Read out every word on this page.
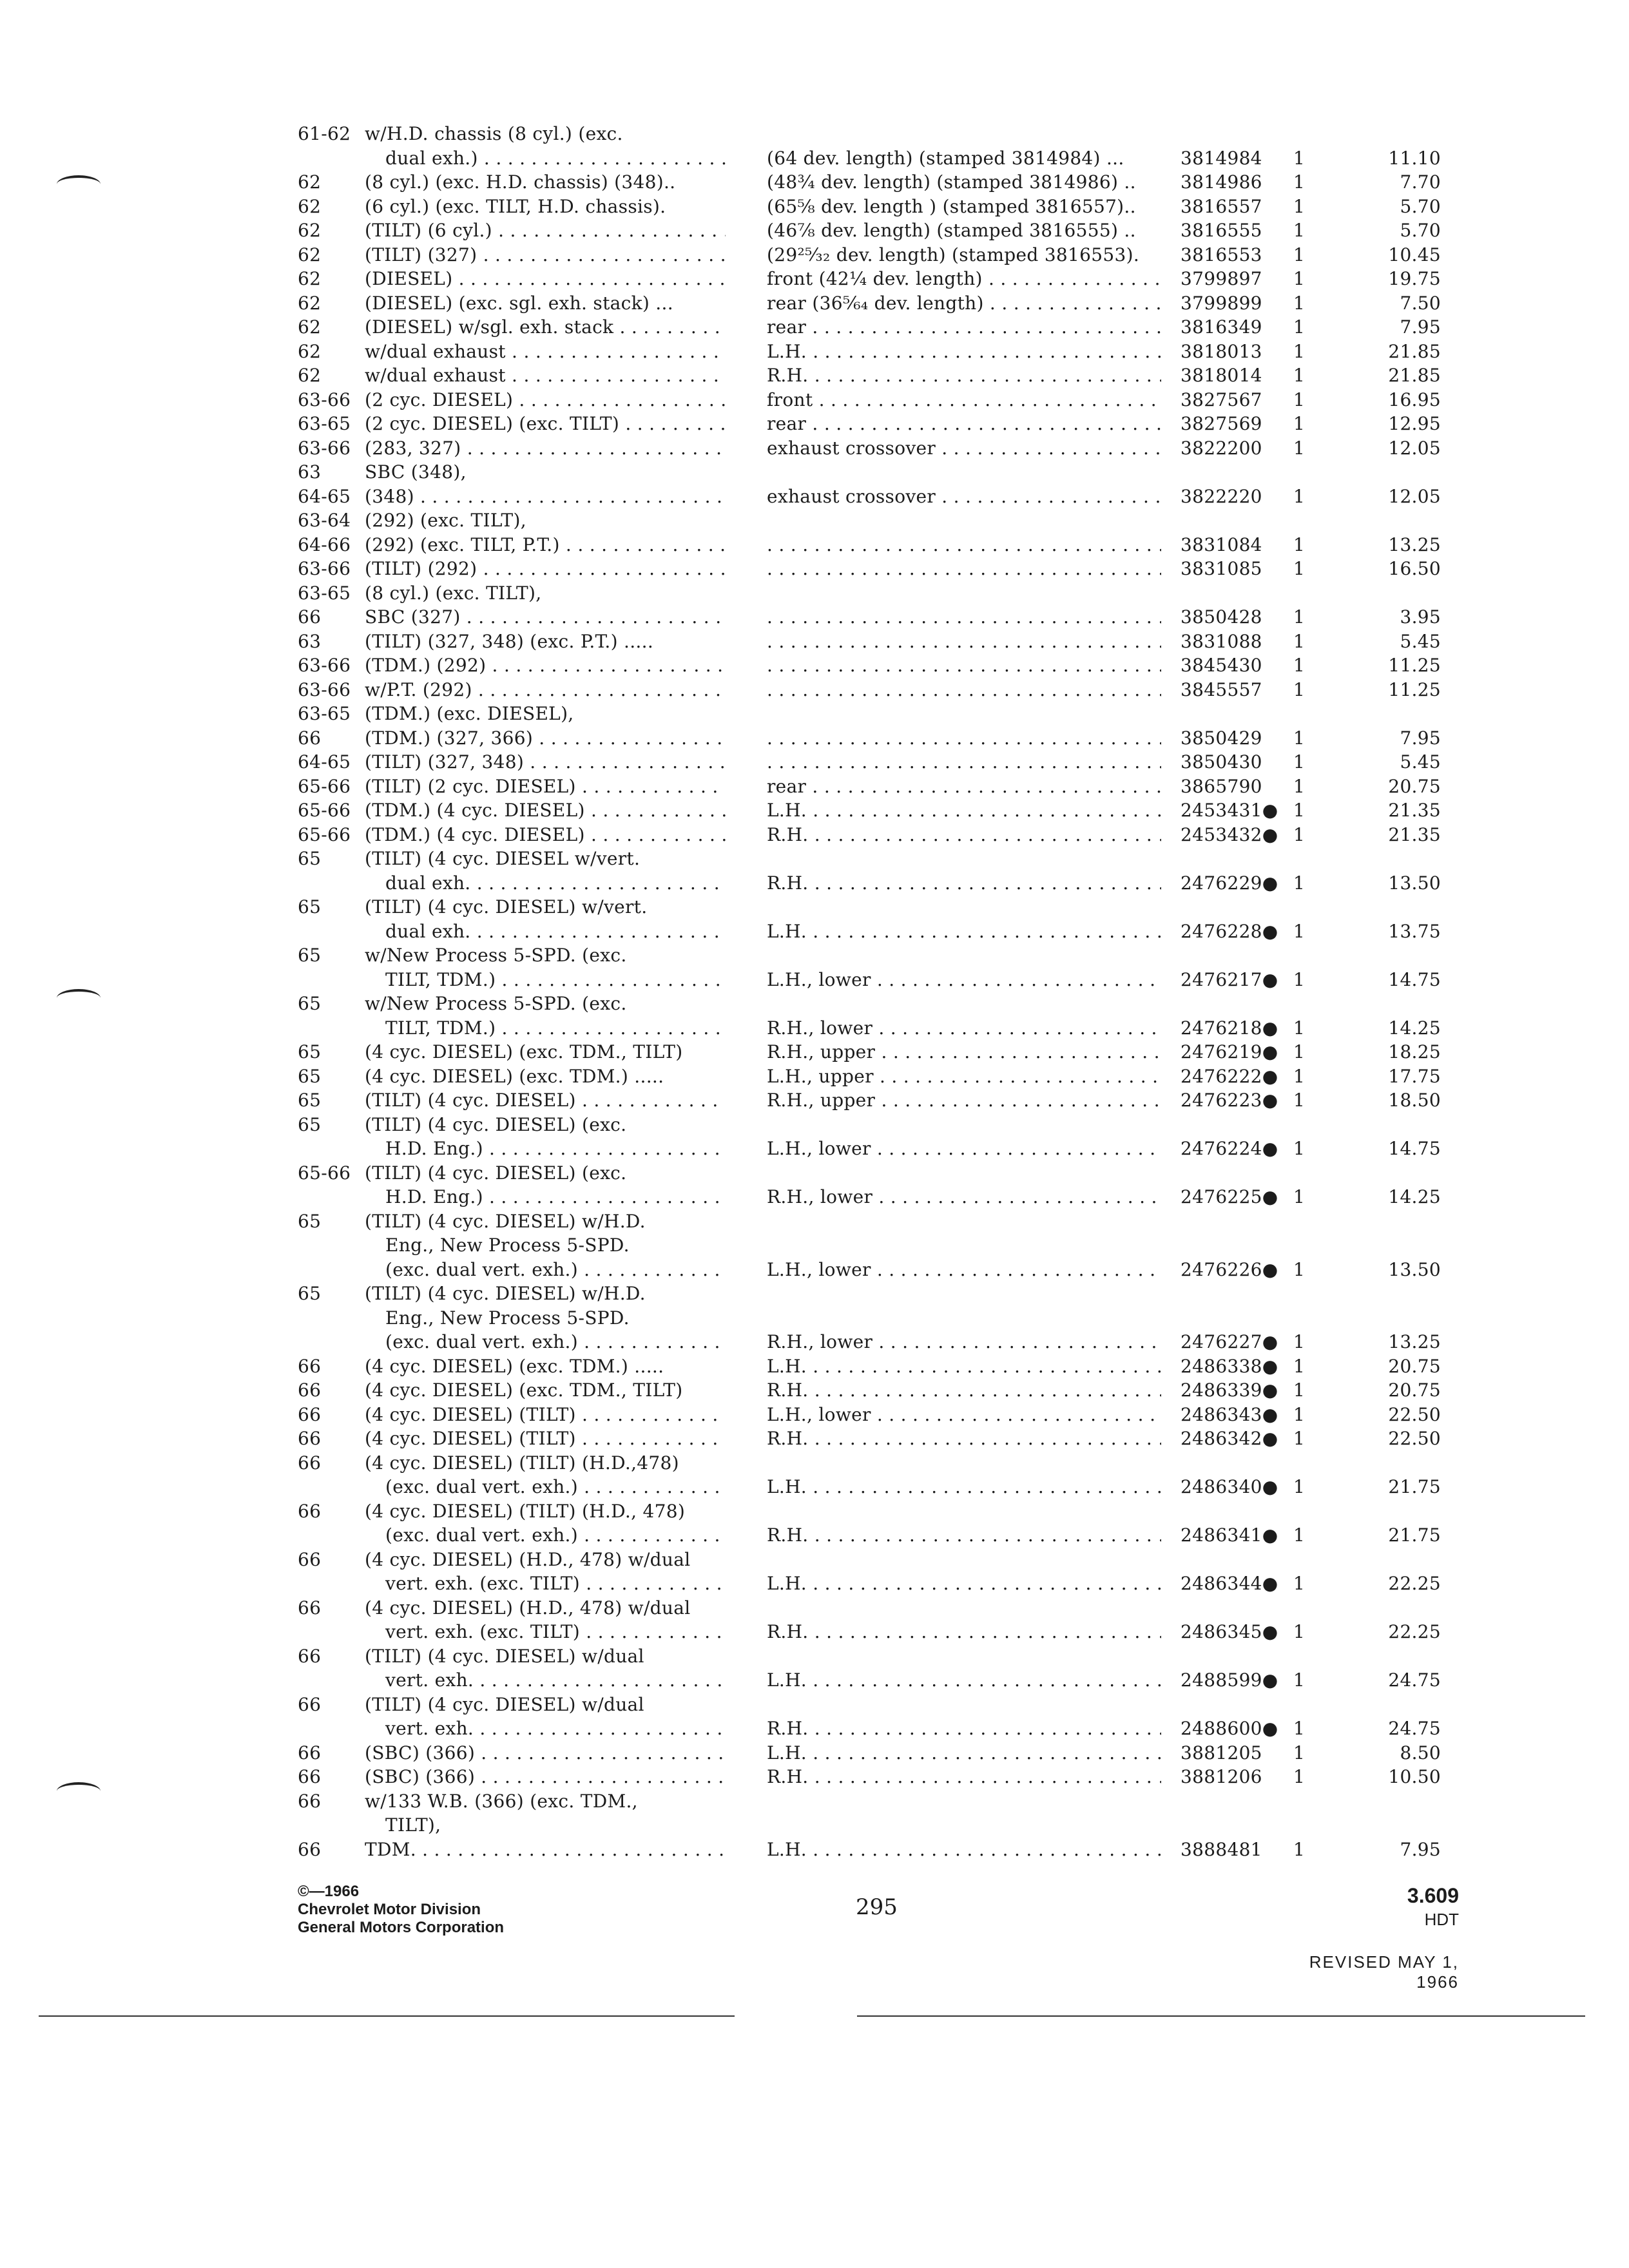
61-62 w/H.D. chassis (8 cyl.) (exc.
dual exh.) . . .	(64 dev. length) (stamped 3814984) ...	3814984 1	11.10
62 (8 cyl.) (exc. H.D. chassis) (348)..	(48¾ dev. length) (stamped 3814986) .. 3814986 1	7.70
62 (6 cyl.) (exc. TILT, H.D. chassis).	(65⅝ dev. length ) (stamped 3816557).. 3816557 1	5.70
62 (TILT) (6 cyl.) . . .	(46⅞ dev. length) (stamped 3816555) .. 3816555 1	5.70
62 (TILT) (327) . . .	(29²⁵⁄₃₂ dev. length) (stamped 3816553). 3816553 1	10.45
62 (DIESEL) . . .	front (42¼ dev. length) . . .	3799897 1	19.75
62 (DIESEL) (exc. sgl. exh. stack) ...	rear (36⁵⁄₆₄ dev. length) . . .	3799899 1	7.50
62 (DIESEL) w/sgl. exh. stack . . .	rear . . .	3816349 1	7.95
62 w/dual exhaust . . .	L.H. . . .	3818013 1	21.85
62 w/dual exhaust . . .	R.H. . . .	3818014 1	21.85
63-66 (2 cyc. DIESEL) . . .	front . . .	3827567 1	16.95
63-65 (2 cyc. DIESEL) (exc. TILT) . . .	rear . . .	3827569 1	12.95
63-66 (283, 327) . . .	exhaust crossover . . .	3822200 1	12.05
63 SBC (348),
64-65 (348) . . .	exhaust crossover . . .	3822220 1	12.05
63-64 (292) (exc. TILT),
64-66 (292) (exc. TILT, P.T.) . . . . . .	3831084 1	13.25
63-66 (TILT) (292) . . . . . .	3831085 1	16.50
63-65 (8 cyl.) (exc. TILT),
66 SBC (327) . . . . . .	3850428 1	3.95
63 (TILT) (327, 348) (exc. P.T.) ..... . . .	3831088 1	5.45
63-66 (TDM.) (292) . . . . . .	3845430 1	11.25
63-66 w/P.T. (292) . . . . . .	3845557 1	11.25
63-65 (TDM.) (exc. DIESEL),
66 (TDM.) (327, 366) . . . . . .	3850429 1	7.95
64-65 (TILT) (327, 348) . . . . . .	3850430 1	5.45
65-66 (TILT) (2 cyc. DIESEL) . . .	rear . . .	3865790 1	20.75
65-66 (TDM.) (4 cyc. DIESEL) . . .	L.H. . . .	2453431● 1	21.35
65-66 (TDM.) (4 cyc. DIESEL) . . .	R.H. . . .	2453432● 1	21.35
65 (TILT) (4 cyc. DIESEL w/vert.
dual exh. . . .	R.H. . . .	2476229● 1	13.50
65 (TILT) (4 cyc. DIESEL) w/vert.
dual exh. . . .	L.H. . . .	2476228● 1	13.75
65 w/New Process 5-SPD. (exc.
TILT, TDM.) . . .	L.H., lower . . .	2476217● 1	14.75
65 w/New Process 5-SPD. (exc.
TILT, TDM.) . . .	R.H., lower . . .	2476218● 1	14.25
65 (4 cyc. DIESEL) (exc. TDM., TILT)	R.H., upper . . .	2476219● 1	18.25
65 (4 cyc. DIESEL) (exc. TDM.) .....	L.H., upper . . .	2476222● 1	17.75
65 (TILT) (4 cyc. DIESEL) . . .	R.H., upper . . .	2476223● 1	18.50
65 (TILT) (4 cyc. DIESEL) (exc.
H.D. Eng.) . . .	L.H., lower . . .	2476224● 1	14.75
65-66 (TILT) (4 cyc. DIESEL) (exc.
H.D. Eng.) . . .	R.H., lower . . .	2476225● 1	14.25
65 (TILT) (4 cyc. DIESEL) w/H.D.
Eng., New Process 5-SPD.
(exc. dual vert. exh.) . . .	L.H., lower . . .	2476226● 1	13.50
65 (TILT) (4 cyc. DIESEL) w/H.D.
Eng., New Process 5-SPD.
(exc. dual vert. exh.) . . .	R.H., lower . . .	2476227● 1	13.25
66 (4 cyc. DIESEL) (exc. TDM.) .....	L.H. . . .	2486338● 1	20.75
66 (4 cyc. DIESEL) (exc. TDM., TILT)	R.H. . . .	2486339● 1	20.75
66 (4 cyc. DIESEL) (TILT) . . .	L.H., lower . . .	2486343● 1	22.50
66 (4 cyc. DIESEL) (TILT) . . .	R.H. . . .	2486342● 1	22.50
66 (4 cyc. DIESEL) (TILT) (H.D.,478)
(exc. dual vert. exh.) . . .	L.H. . . .	2486340● 1	21.75
66 (4 cyc. DIESEL) (TILT) (H.D., 478)
(exc. dual vert. exh.) . . .	R.H. . . .	2486341● 1	21.75
66 (4 cyc. DIESEL) (H.D., 478) w/dual
vert. exh. (exc. TILT) . . .	L.H. . . .	2486344● 1	22.25
66 (4 cyc. DIESEL) (H.D., 478) w/dual
vert. exh. (exc. TILT) . . .	R.H. . . .	2486345● 1	22.25
66 (TILT) (4 cyc. DIESEL) w/dual
vert. exh. . . .	L.H. . . .	2488599● 1	24.75
66 (TILT) (4 cyc. DIESEL) w/dual
vert. exh. . . .	R.H. . . .	2488600● 1	24.75
66 (SBC) (366) . . .	L.H. . . .	3881205 1	8.50
66 (SBC) (366) . . .	R.H. . . .	3881206 1	10.50
66 w/133 W.B. (366) (exc. TDM.,
TILT),
66 TDM. . . .	L.H. . . .	3888481 1	7.95
©—1966
Chevrolet Motor Division
General Motors Corporation
295	3.609
HDT
REVISED MAY 1, 1966
